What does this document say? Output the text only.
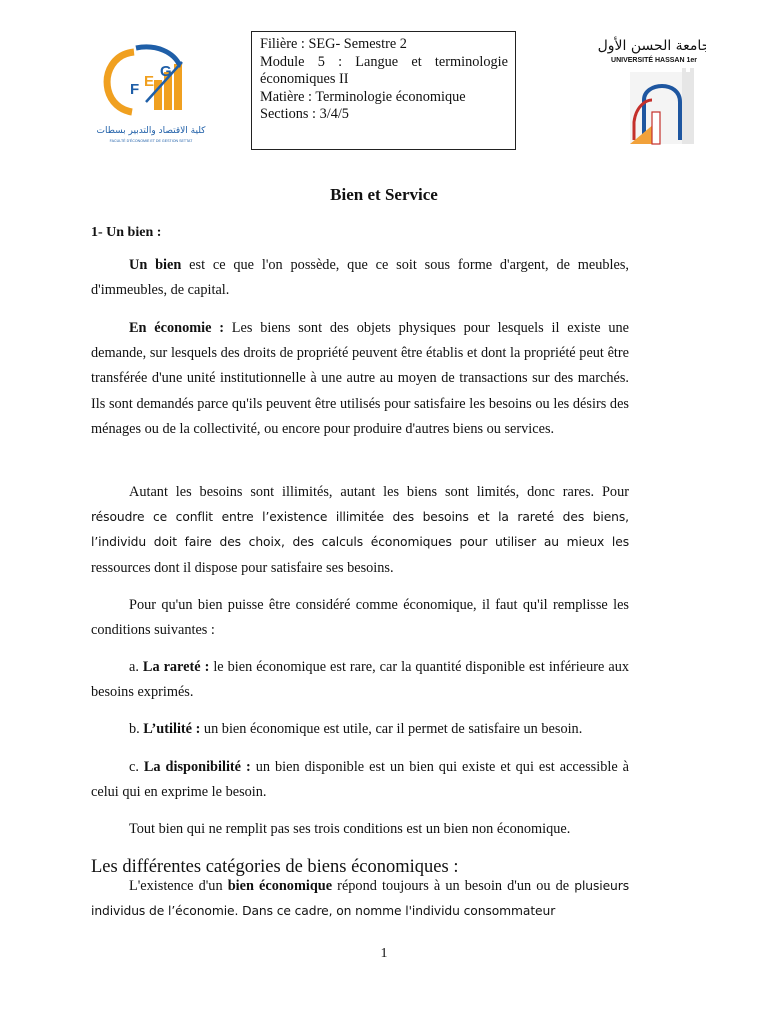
F E
G
كلية الاقتصاد والتدبير بسطات
FACULTÉ D'ÉCONOMIE ET DE GESTION SETTAT
Filière : SEG- Semestre 2
Module 5 : Langue et terminologie
économiques II
Matière : Terminologie économique
Sections : 3/4/5
جامعة الحسن الأول
UNIVERSITÉ HASSAN 1er
Bien et Service
1- Un bien :

Un bien est ce que l'on possède, que ce soit sous forme d'argent, de meubles, d'immeubles, de capital.

En économie : Les biens sont des objets physiques pour lesquels il existe une demande, sur lesquels des droits de propriété peuvent être établis et dont la propriété peut être transférée d'une unité institutionnelle à une autre au moyen de transactions sur des marchés. Ils sont demandés parce qu'ils peuvent être utilisés pour satisfaire les besoins ou les désirs des ménages ou de la collectivité, ou encore pour produire d'autres biens ou services.

Autant les besoins sont illimités, autant les biens sont limités, donc rares. Pour résoudre ce conflit entre l’existence illimitée des besoins et la rareté des biens, l’individu doit faire des choix, des calculs économiques pour utiliser au mieux les ressources dont il dispose pour satisfaire ses besoins.

Pour qu'un bien puisse être considéré comme économique, il faut qu'il remplisse les conditions suivantes :

a. La rareté : le bien économique est rare, car la quantité disponible est inférieure aux besoins exprimés.

b. L’utilité : un bien économique est utile, car il permet de satisfaire un besoin.

c. La disponibilité : un bien disponible est un bien qui existe et qui est accessible à celui qui en exprime le besoin.

Tout bien qui ne remplit pas ses trois conditions est un bien non économique.

Les différentes catégories de biens économiques :

L'existence d'un bien économique répond toujours à un besoin d'un ou de plusieurs individus de l’économie. Dans ce cadre, on nomme l'individu consommateur

1
